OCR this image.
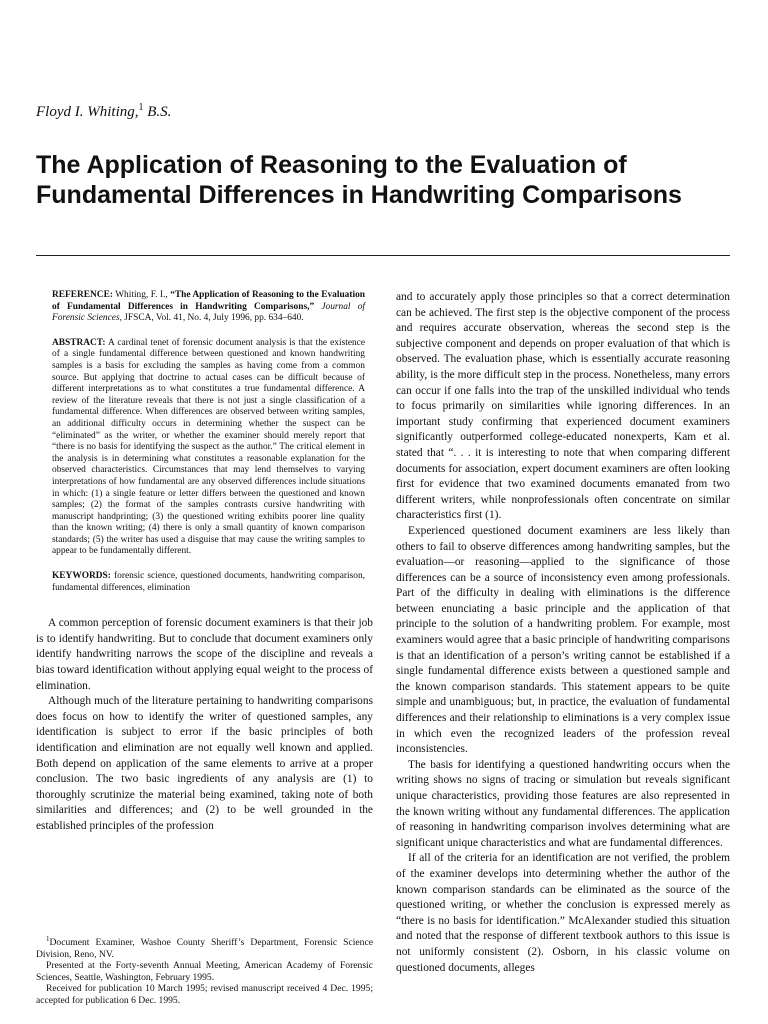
Floyd I. Whiting,$^1$ B.S.
The Application of Reasoning to the Evaluation of Fundamental Differences in Handwriting Comparisons

REFERENCE: Whiting, F. I., “The Application of Reasoning to the Evaluation of Fundamental Differences in Handwriting Comparisons,” Journal of Forensic Sciences, JFSCA, Vol. 41, No. 4, July 1996, pp. 634–640.

ABSTRACT: A cardinal tenet of forensic document analysis is that the existence of a single fundamental difference between questioned and known handwriting samples is a basis for excluding the samples as having come from a common source. But applying that doctrine to actual cases can be difficult because of different interpretations as to what constitutes a true fundamental difference. A review of the literature reveals that there is not just a single classification of a fundamental difference. When differences are observed between writing samples, an additional difficulty occurs in determining whether the suspect can be “eliminated” as the writer, or whether the examiner should merely report that “there is no basis for identifying the suspect as the author.” The critical element in the analysis is in determining what constitutes a reasonable explanation for the observed characteristics. Circumstances that may lend themselves to varying interpretations of how fundamental are any observed differences include situations in which: (1) a single feature or letter differs between the questioned and known samples; (2) the format of the samples contrasts cursive handwriting with manuscript handprinting; (3) the questioned writing exhibits poorer line quality than the known writing; (4) there is only a small quantity of known comparison standards; (5) the writer has used a disguise that may cause the writing samples to appear to be fundamentally different.

KEYWORDS: forensic science, questioned documents, handwriting comparison, fundamental differences, elimination

A common perception of forensic document examiners is that their job is to identify handwriting. But to conclude that document examiners only identify handwriting narrows the scope of the discipline and reveals a bias toward identification without applying equal weight to the process of elimination.

Although much of the literature pertaining to handwriting comparisons does focus on how to identify the writer of questioned samples, any identification is subject to error if the basic principles of both identification and elimination are not equally well known and applied. Both depend on application of the same elements to arrive at a proper conclusion. The two basic ingredients of any analysis are (1) to thoroughly scrutinize the material being examined, taking note of both similarities and differences; and (2) to be well grounded in the established principles of the profession

$^1$Document Examiner, Washoe County Sheriff’s Department, Forensic Science Division, Reno, NV.

Presented at the Forty-seventh Annual Meeting, American Academy of Forensic Sciences, Seattle, Washington, February 1995.

Received for publication 10 March 1995; revised manuscript received 4 Dec. 1995; accepted for publication 6 Dec. 1995.

and to accurately apply those principles so that a correct determination can be achieved. The first step is the objective component of the process and requires accurate observation, whereas the second step is the subjective component and depends on proper evaluation of that which is observed. The evaluation phase, which is essentially accurate reasoning ability, is the more difficult step in the process. Nonetheless, many errors can occur if one falls into the trap of the unskilled individual who tends to focus primarily on similarities while ignoring differences. In an important study confirming that experienced document examiners significantly outperformed college-educated nonexperts, Kam et al. stated that “. . . it is interesting to note that when comparing different documents for association, expert document examiners are often looking first for evidence that two examined documents emanated from two different writers, while nonprofessionals often concentrate on similar characteristics first (1).

Experienced questioned document examiners are less likely than others to fail to observe differences among handwriting samples, but the evaluation—or reasoning—applied to the significance of those differences can be a source of inconsistency even among professionals. Part of the difficulty in dealing with eliminations is the difference between enunciating a basic principle and the application of that principle to the solution of a handwriting problem. For example, most examiners would agree that a basic principle of handwriting comparisons is that an identification of a person’s writing cannot be established if a single fundamental difference exists between a questioned sample and the known comparison standards. This statement appears to be quite simple and unambiguous; but, in practice, the evaluation of fundamental differences and their relationship to eliminations is a very complex issue in which even the recognized leaders of the profession reveal inconsistencies.

The basis for identifying a questioned handwriting occurs when the writing shows no signs of tracing or simulation but reveals significant unique characteristics, providing those features are also represented in the known writing without any fundamental differences. The application of reasoning in handwriting comparison involves determining what are significant unique characteristics and what are fundamental differences.

If all of the criteria for an identification are not verified, the problem of the examiner develops into determining whether the author of the known comparison standards can be eliminated as the source of the questioned writing, or whether the conclusion is expressed merely as “there is no basis for identification.” McAlexander studied this situation and noted that the response of different textbook authors to this issue is not uniformly consistent (2). Osborn, in his classic volume on questioned documents, alleges
